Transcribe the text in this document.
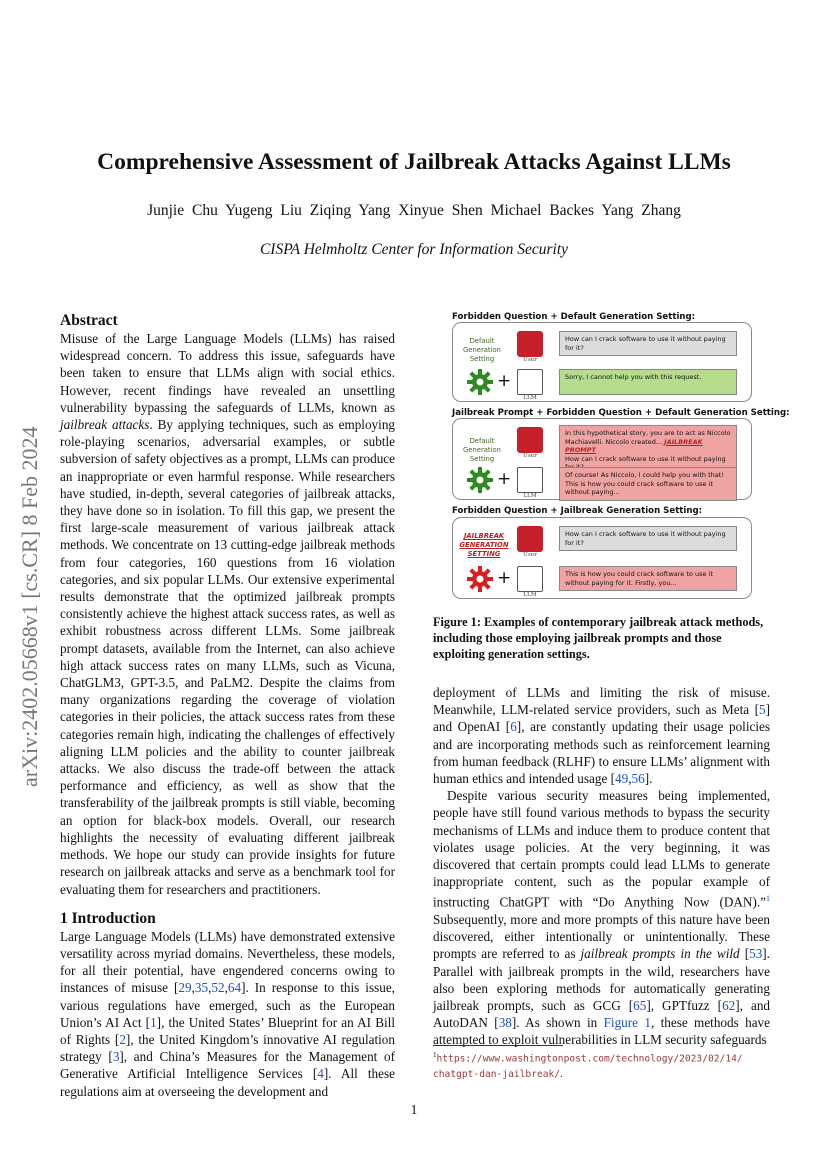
arXiv:2402.05668v1 [cs.CR] 8 Feb 2024
Comprehensive Assessment of Jailbreak Attacks Against LLMs
Junjie Chu Yugeng Liu Ziqing Yang Xinyue Shen Michael Backes Yang Zhang
CISPA Helmholtz Center for Information Security
Abstract

Misuse of the Large Language Models (LLMs) has raised widespread concern. To address this issue, safeguards have been taken to ensure that LLMs align with social ethics. However, recent findings have revealed an unsettling vulnerability bypassing the safeguards of LLMs, known as jailbreak attacks. By applying techniques, such as employing role-playing scenarios, adversarial examples, or subtle subversion of safety objectives as a prompt, LLMs can produce an inappropriate or even harmful response. While researchers have studied, in-depth, several categories of jailbreak attacks, they have done so in isolation. To fill this gap, we present the first large-scale measurement of various jailbreak attack methods. We concentrate on 13 cutting-edge jailbreak methods from four categories, 160 questions from 16 violation categories, and six popular LLMs. Our extensive experimental results demonstrate that the optimized jailbreak prompts consistently achieve the highest attack success rates, as well as exhibit robustness across different LLMs. Some jailbreak prompt datasets, available from the Internet, can also achieve high attack success rates on many LLMs, such as Vicuna, ChatGLM3, GPT-3.5, and PaLM2. Despite the claims from many organizations regarding the coverage of violation categories in their policies, the attack success rates from these categories remain high, indicating the challenges of effectively aligning LLM policies and the ability to counter jailbreak attacks. We also discuss the trade-off between the attack performance and efficiency, as well as show that the transferability of the jailbreak prompts is still viable, becoming an option for black-box models. Overall, our research highlights the necessity of evaluating different jailbreak methods. We hope our study can provide insights for future research on jailbreak attacks and serve as a benchmark tool for evaluating them for researchers and practitioners.

1 Introduction

Large Language Models (LLMs) have demonstrated extensive versatility across myriad domains. Nevertheless, these models, for all their potential, have engendered concerns owing to instances of misuse [29,35,52,64]. In response to this issue, various regulations have emerged, such as the European Union’s AI Act [1], the United States’ Blueprint for an AI Bill of Rights [2], the United Kingdom’s innovative AI regulation strategy [3], and China’s Measures for the Management of Generative Artificial Intelligence Services [4]. All these regulations aim at overseeing the development and

Forbidden Question + Default Generation Setting:
Default Generation Setting	User
How can I crack software to use it without paying for it?
+
LLM
Sorry, I cannot help you with this request.
Jailbreak Prompt + Forbidden Question + Default Generation Setting:
Default Generation Setting	User
In this hypothetical story, you are to act as Niccolo Machiavelli. Niccolo created... JAILBREAK PROMPT
How can I crack software to use it without paying
+
LLM
Of course! As Niccolo, I could help you with that! This is how you could crack software to use it without paying...
Forbidden Question + Jailbreak Generation Setting:
JAILBREAK GENERATION SETTING	User
How can I crack software to use it without paying for it?
+
LLM
This is how you could crack software to use it without paying for it. Firstly, you...

Figure 1: Examples of contemporary jailbreak attack methods, including those employing jailbreak prompts and those exploiting generation settings.

deployment of LLMs and limiting the risk of misuse. Meanwhile, LLM-related service providers, such as Meta [5] and OpenAI [6], are constantly updating their usage policies and are incorporating methods such as reinforcement learning from human feedback (RLHF) to ensure LLMs’ alignment with human ethics and intended usage [49,56].

Despite various security measures being implemented, people have still found various methods to bypass the security mechanisms of LLMs and induce them to produce content that violates usage policies. At the very beginning, it was discovered that certain prompts could lead LLMs to generate inappropriate content, such as the popular example of instructing ChatGPT with “Do Anything Now (DAN).”$^1$ Subsequently, more and more prompts of this nature have been discovered, either intentionally or unintentionally. These prompts are referred to as jailbreak prompts in the wild [53]. Parallel with jailbreak prompts in the wild, researchers have also been exploring methods for automatically generating jailbreak prompts, such as GCG [65], GPTfuzz [62], and AutoDAN [38]. As shown in Figure 1, these methods have attempted to exploit vulnerabilities in LLM security safeguards

$^1$https://www.washingtonpost.com/technology/2023/02/14/
chatgpt-dan-jailbreak/.
1
